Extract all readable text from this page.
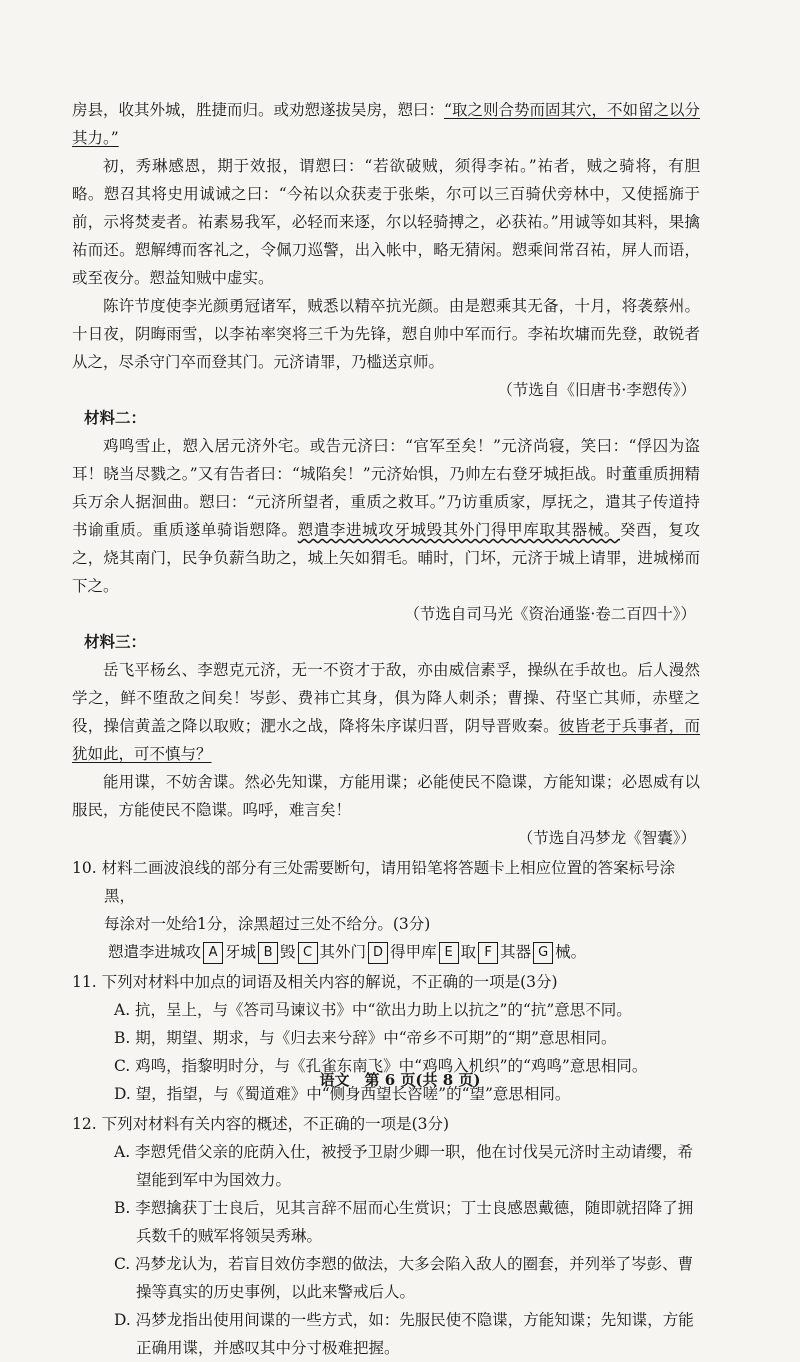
房县，收其外城，胜捷而归。或劝愬遂拔吴房，愬曰：“取之则合势而固其穴，不如留之以分其力。”

初，秀琳感恩，期于效报，谓愬曰：“若欲破贼，须得李祐。”祐者，贼之骑将，有胆略。愬召其将史用诚诫之曰：“今祐以众获麦于张柴，尔可以三百骑伏旁林中，又使摇旆于前，示将焚麦者。祐素易我军，必轻而来逐，尔以轻骑搏之，必获祐。”用诚等如其料，果擒祐而还。愬解缚而客礼之，令佩刀巡警，出入帐中，略无猜闲。愬乘间常召祐，屏人而语，或至夜分。愬益知贼中虚实。

陈许节度使李光颜勇冠诸军，贼悉以精卒抗光颜。由是愬乘其无备，十月，将袭蔡州。十日夜，阴晦雨雪，以李祐率突将三千为先锋，愬自帅中军而行。李祐坎墉而先登，敢锐者从之，尽杀守门卒而登其门。元济请罪，乃槛送京师。

（节选自《旧唐书·李愬传》）

材料二：

鸡鸣雪止，愬入居元济外宅。或告元济曰：“官军至矣！”元济尚寝，笑曰：“俘囚为盗耳！晓当尽戮之。”又有告者曰：“城陷矣！”元济始惧，乃帅左右登牙城拒战。时董重质拥精兵万余人据洄曲。愬曰：“元济所望者，重质之救耳。”乃访重质家，厚抚之，遣其子传道持书谕重质。重质遂单骑诣愬降。愬遣李进城攻牙城毁其外门得甲库取其器械。癸酉，复攻之，烧其南门，民争负薪刍助之，城上矢如猬毛。晡时，门坏，元济于城上请罪，进城梯而下之。

（节选自司马光《资治通鉴·卷二百四十》）

材料三：

岳飞平杨幺、李愬克元济，无一不资才于敌，亦由威信素孚，操纵在手故也。后人漫然学之，鲜不堕敌之间矣！岑彭、费祎亡其身，俱为降人刺杀；曹操、苻坚亡其师，赤壁之役，操信黄盖之降以取败；淝水之战，降将朱序谋归晋，阴导晋败秦。彼皆老于兵事者，而犹如此，可不慎与？

能用谍，不妨舍谍。然必先知谍，方能用谍；必能使民不隐谍，方能知谍；必恩威有以服民，方能使民不隐谍。呜呼，难言矣！

（节选自冯梦龙《智囊》）

10. 材料二画波浪线的部分有三处需要断句，请用铅笔将答题卡上相应位置的答案标号涂黑，

每涂对一处给1分，涂黑超过三处不给分。(3分)

愬遣李进城攻 A 牙城 B 毁 C 其外门 D 得甲库 E 取 F 其器 G 械。

11. 下列对材料中加点的词语及相关内容的解说，不正确的一项是(3分)

A. 抗，呈上，与《答司马谏议书》中“欲出力助上以抗之”的“抗”意思不同。

B. 期，期望、期求，与《归去来兮辞》中“帝乡不可期”的“期”意思相同。

C. 鸡鸣，指黎明时分，与《孔雀东南飞》中“鸡鸣入机织”的“鸡鸣”意思相同。

D. 望，指望，与《蜀道难》中“侧身西望长咨嗟”的“望”意思相同。

12. 下列对材料有关内容的概述，不正确的一项是(3分)

A. 李愬凭借父亲的庇荫入仕，被授予卫尉少卿一职，他在讨伐吴元济时主动请缨，希望能到军中为国效力。

B. 李愬擒获丁士良后，见其言辞不屈而心生赏识；丁士良感恩戴德，随即就招降了拥兵数千的贼军将领吴秀琳。

C. 冯梦龙认为，若盲目效仿李愬的做法，大多会陷入敌人的圈套，并列举了岑彭、曹操等真实的历史事例，以此来警戒后人。

D. 冯梦龙指出使用间谍的一些方式，如：先服民使不隐谍，方能知谍；先知谍，方能正确用谍，并感叹其中分寸极难把握。

语文　第 6 页(共 8 页)
